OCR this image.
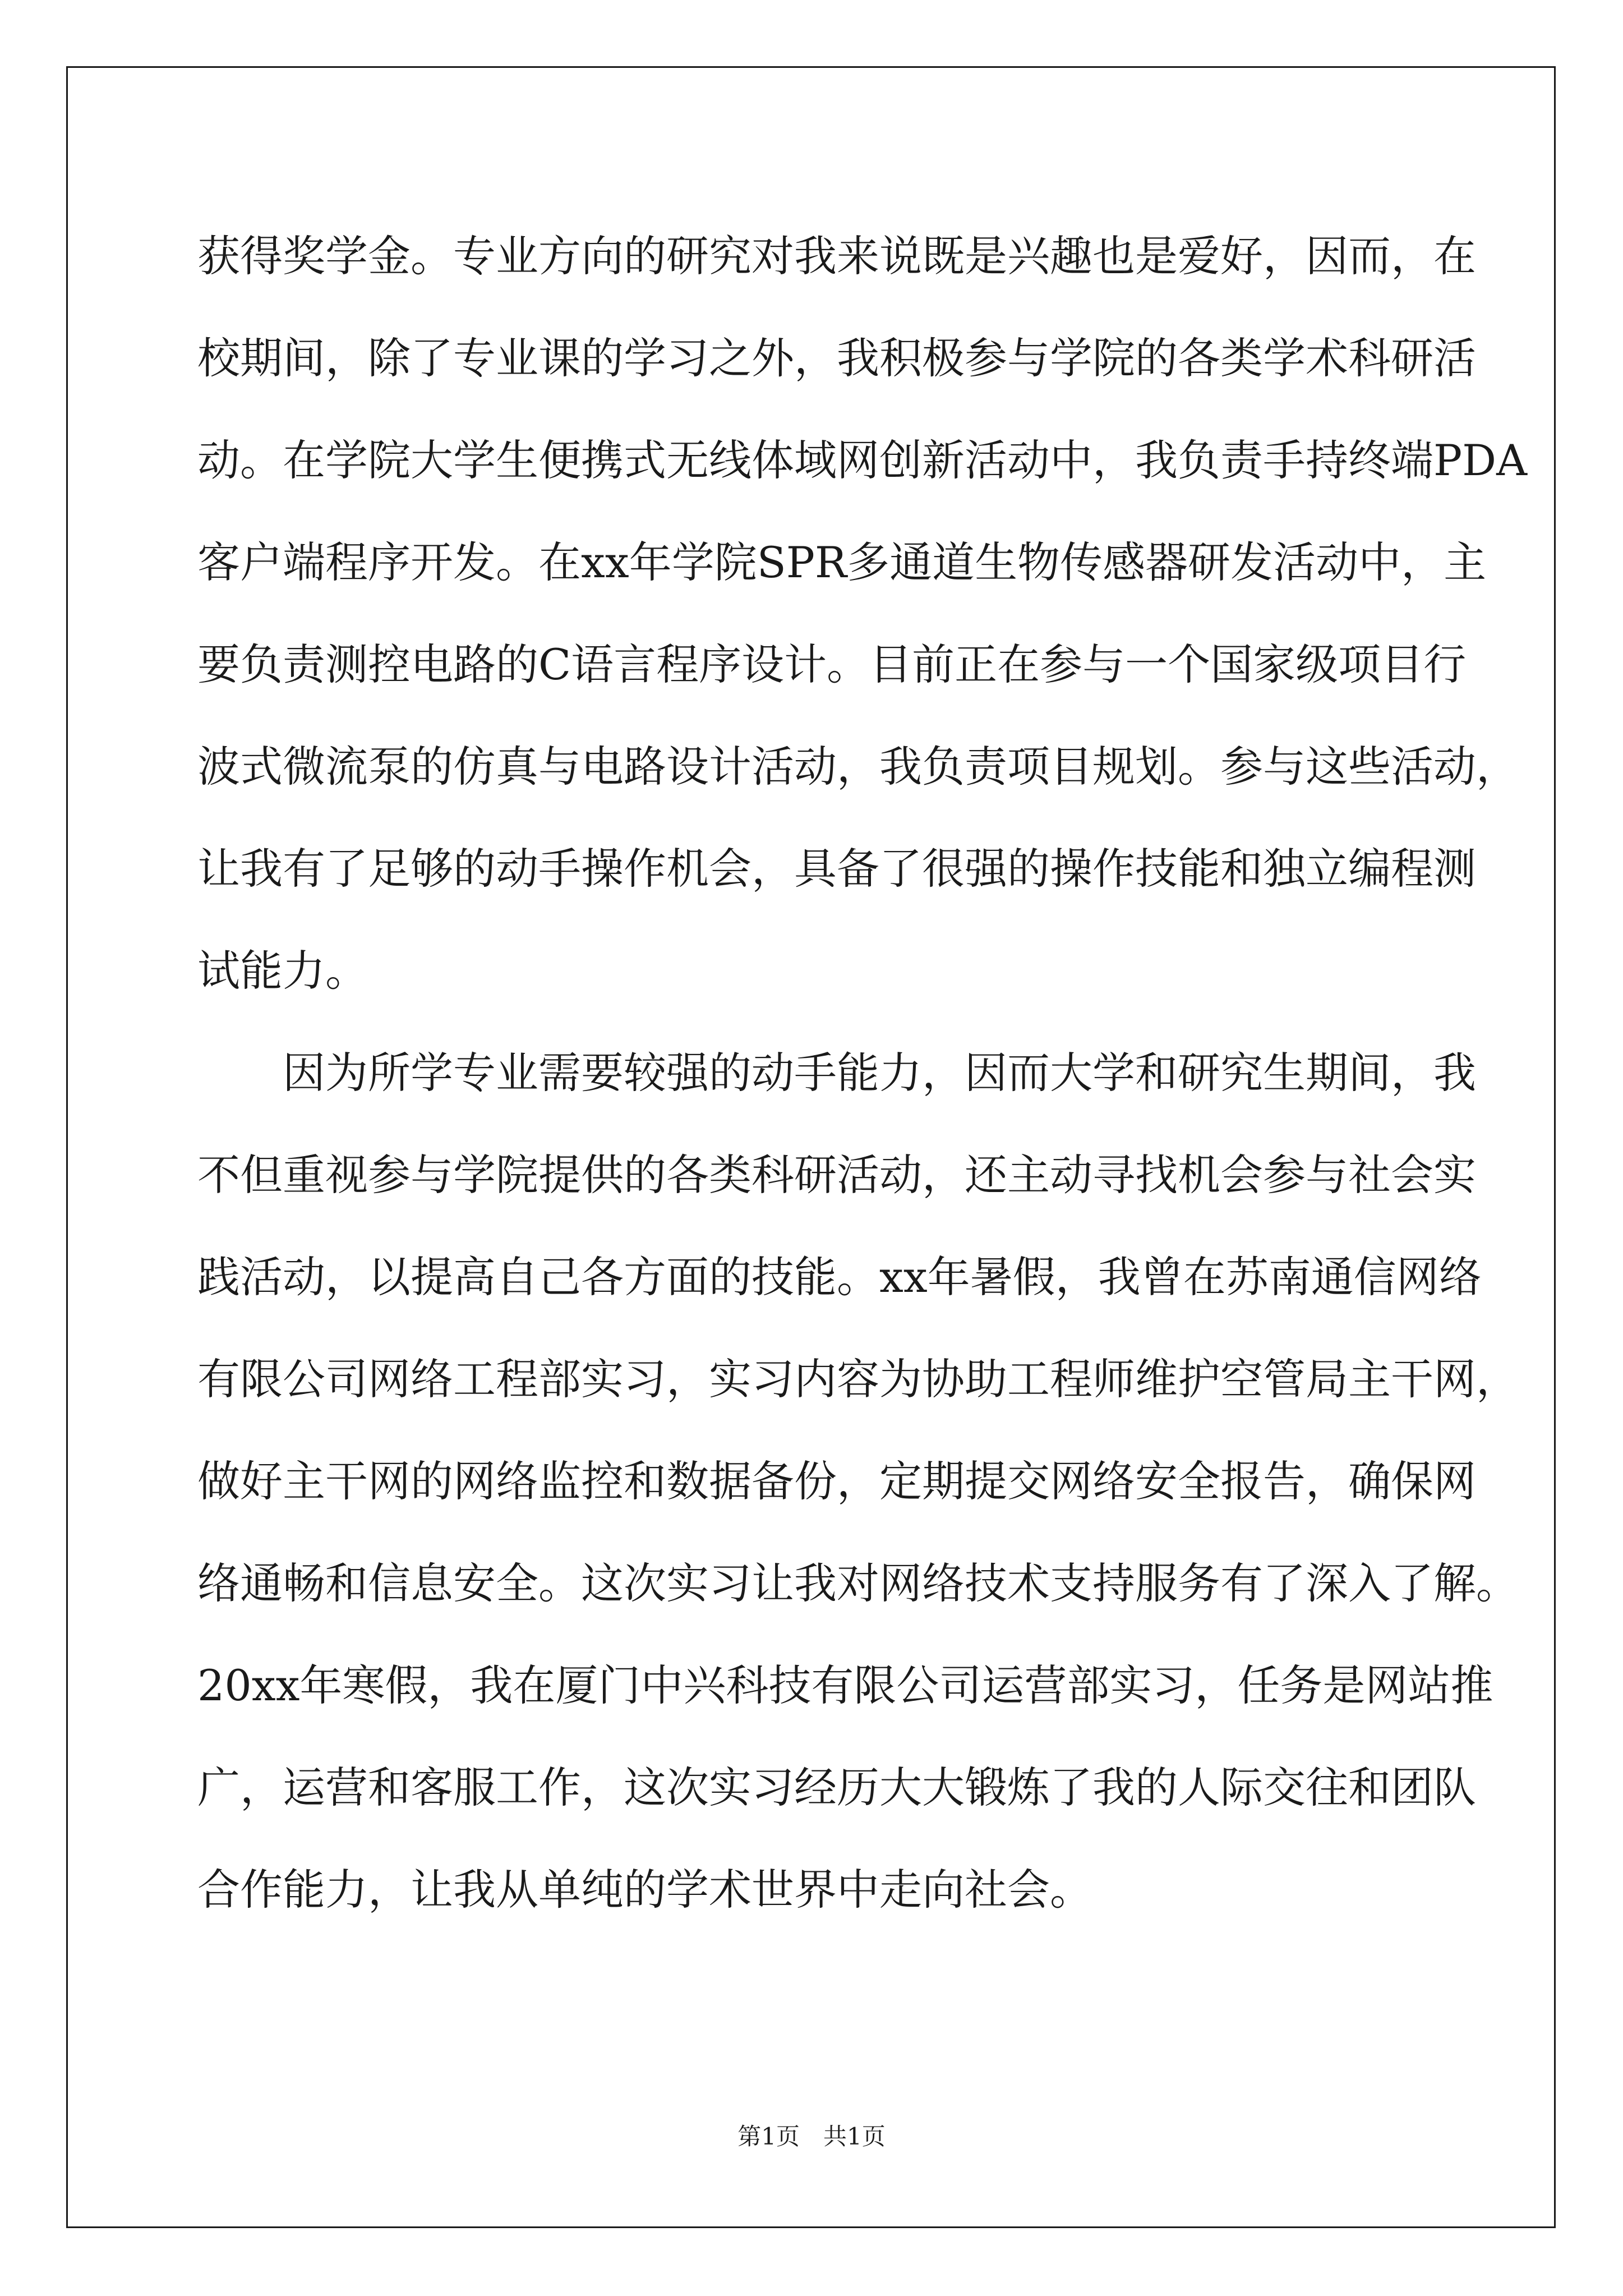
获得奖学金。专业方向的研究对我来说既是兴趣也是爱好，因而，在
校期间，除了专业课的学习之外，我积极参与学院的各类学术科研活
动。在学院大学生便携式无线体域网创新活动中，我负责手持终端PDA
客户端程序开发。在xx年学院SPR多通道生物传感器研发活动中，主
要负责测控电路的C语言程序设计。目前正在参与一个国家级项目行
波式微流泵的仿真与电路设计活动，我负责项目规划。参与这些活动，
让我有了足够的动手操作机会，具备了很强的操作技能和独立编程测
试能力。
因为所学专业需要较强的动手能力，因而大学和研究生期间，我
不但重视参与学院提供的各类科研活动，还主动寻找机会参与社会实
践活动，以提高自己各方面的技能。xx年暑假，我曾在苏南通信网络
有限公司网络工程部实习，实习内容为协助工程师维护空管局主干网，
做好主干网的网络监控和数据备份，定期提交网络安全报告，确保网
络通畅和信息安全。这次实习让我对网络技术支持服务有了深入了解。
20xx年寒假，我在厦门中兴科技有限公司运营部实习，任务是网站推
广，运营和客服工作，这次实习经历大大锻炼了我的人际交往和团队
合作能力，让我从单纯的学术世界中走向社会。
第1页 共1页
